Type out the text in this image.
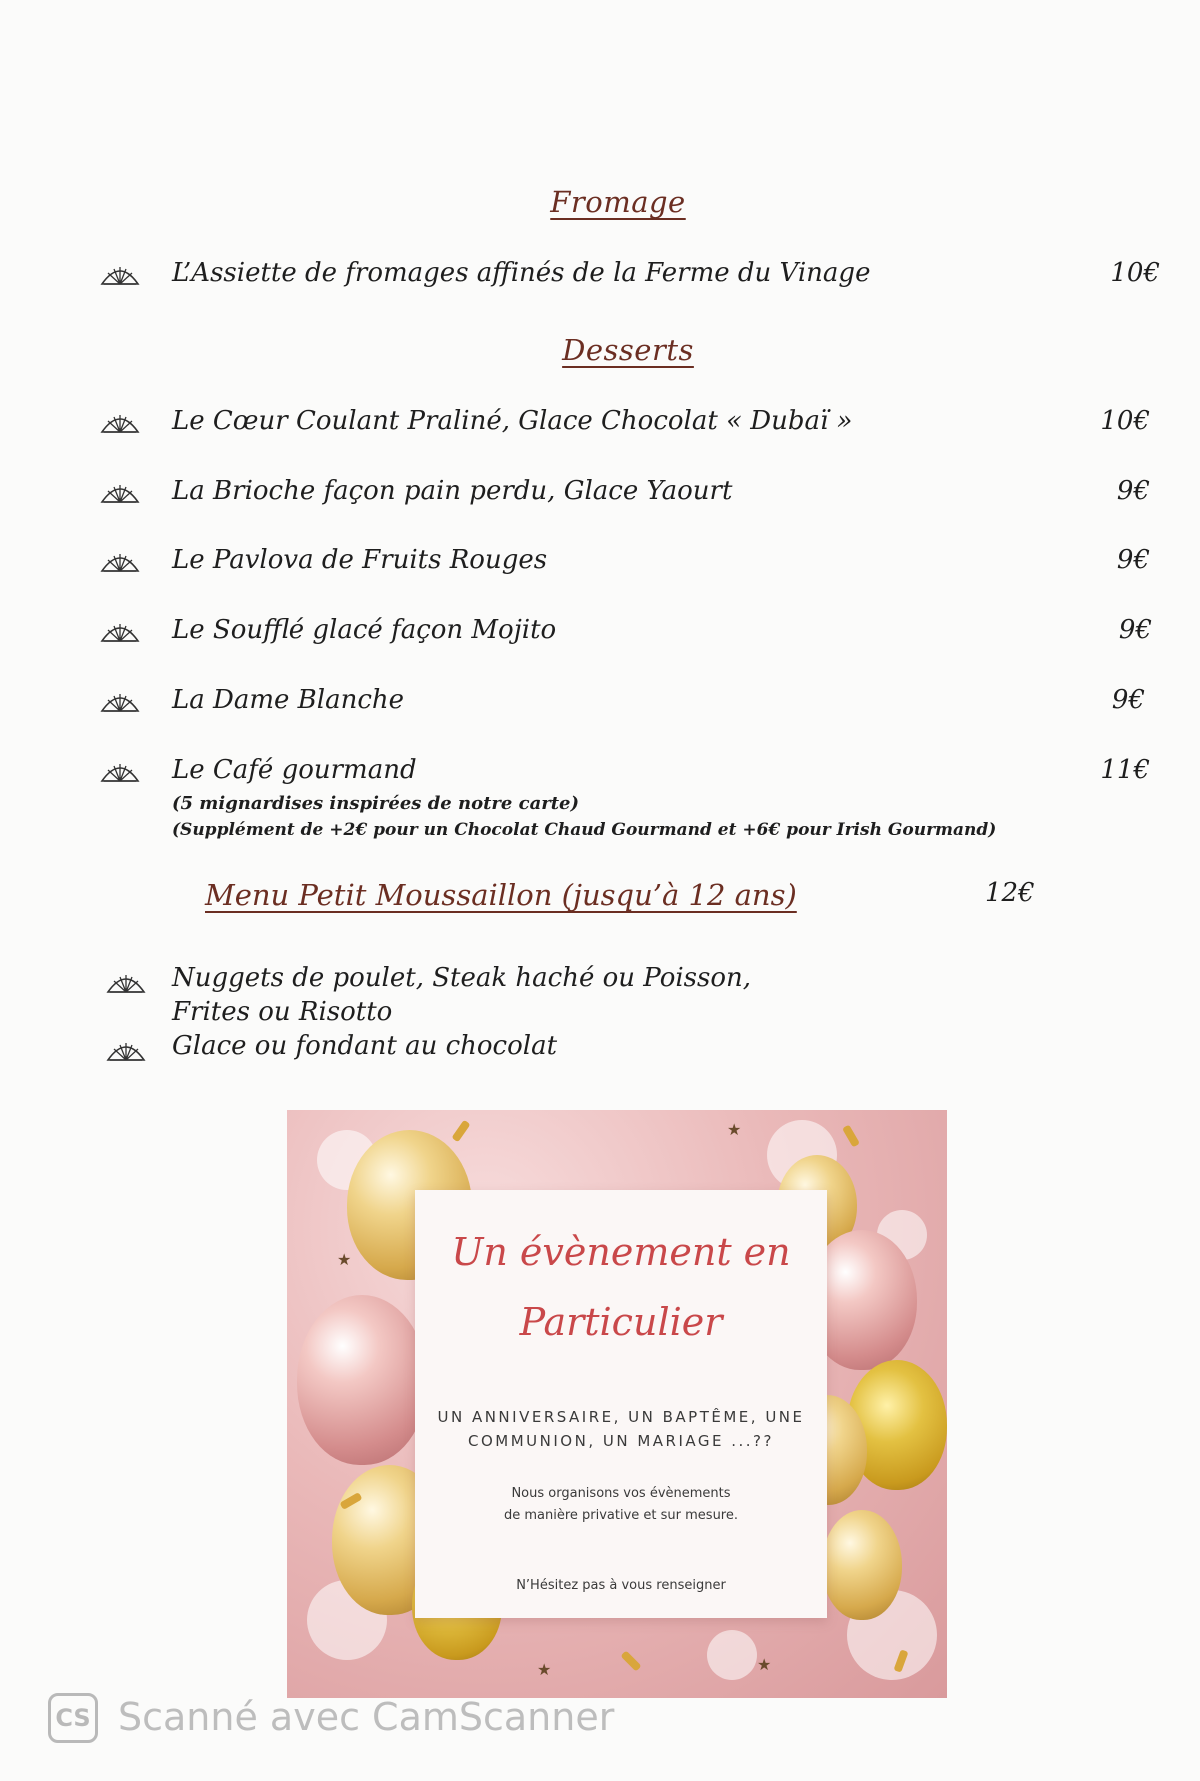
Fromage
L’Assiette de fromages affinés de la Ferme du Vinage	10€
Desserts
Le Cœur Coulant Praliné, Glace Chocolat « Dubaï »	10€
La Brioche façon pain perdu, Glace Yaourt	9€
Le Pavlova de Fruits Rouges	9€
Le Soufflé glacé façon Mojito	9€
La Dame Blanche	9€
Le Café gourmand	11€
(5 mignardises inspirées de notre carte)
(Supplément de +2€ pour un Chocolat Chaud Gourmand et +6€ pour Irish Gourmand)
Menu Petit Moussaillon (jusqu’à 12 ans)	12€
Nuggets de poulet, Steak haché ou Poisson,
Frites ou Risotto
Glace ou fondant au chocolat
★
★
★	★
Un évènement en
Particulier
UN ANNIVERSAIRE, UN BAPTÊME, UNE
COMMUNION, UN MARIAGE ...??
Nous organisons vos évènements
de manière privative et sur mesure.
N’Hésitez pas à vous renseigner
CS Scanné avec CamScanner
